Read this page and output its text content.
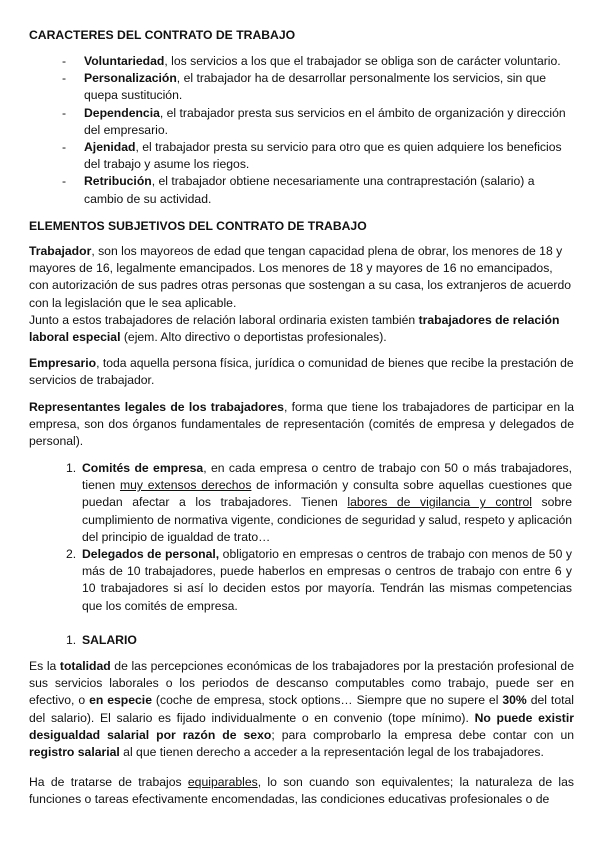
CARACTERES DEL CONTRATO DE TRABAJO
- Voluntariedad, los servicios a los que el trabajador se obliga son de carácter voluntario.
- Personalización, el trabajador ha de desarrollar personalmente los servicios, sin que quepa sustitución.
- Dependencia, el trabajador presta sus servicios en el ámbito de organización y dirección del empresario.
- Ajenidad, el trabajador presta su servicio para otro que es quien adquiere los beneficios del trabajo y asume los riegos.
- Retribución, el trabajador obtiene necesariamente una contraprestación (salario) a cambio de su actividad.
ELEMENTOS SUBJETIVOS DEL CONTRATO DE TRABAJO
Trabajador, son los mayoreos de edad que tengan capacidad plena de obrar, los menores de 18 y mayores de 16, legalmente emancipados. Los menores de 18 y mayores de 16 no emancipados, con autorización de sus padres otras personas que sostengan a su casa, los extranjeros de acuerdo con la legislación que le sea aplicable.
Junto a estos trabajadores de relación laboral ordinaria existen también trabajadores de relación laboral especial (ejem. Alto directivo o deportistas profesionales).
Empresario, toda aquella persona física, jurídica o comunidad de bienes que recibe la prestación de servicios de trabajador.
Representantes legales de los trabajadores, forma que tiene los trabajadores de participar en la empresa, son dos órganos fundamentales de representación (comités de empresa y delegados de personal).
1. Comités de empresa, en cada empresa o centro de trabajo con 50 o más trabajadores, tienen muy extensos derechos de información y consulta sobre aquellas cuestiones que puedan afectar a los trabajadores. Tienen labores de vigilancia y control sobre cumplimiento de normativa vigente, condiciones de seguridad y salud, respeto y aplicación del principio de igualdad de trato…
2. Delegados de personal, obligatorio en empresas o centros de trabajo con menos de 50 y más de 10 trabajadores, puede haberlos en empresas o centros de trabajo con entre 6 y 10 trabajadores si así lo deciden estos por mayoría. Tendrán las mismas competencias que los comités de empresa.
1. SALARIO
Es la totalidad de las percepciones económicas de los trabajadores por la prestación profesional de sus servicios laborales o los periodos de descanso computables como trabajo, puede ser en efectivo, o en especie (coche de empresa, stock options… Siempre que no supere el 30% del total del salario). El salario es fijado individualmente o en convenio (tope mínimo). No puede existir desigualdad salarial por razón de sexo; para comprobarlo la empresa debe contar con un registro salarial al que tienen derecho a acceder a la representación legal de los trabajadores.
Ha de tratarse de trabajos equiparables, lo son cuando son equivalentes; la naturaleza de las funciones o tareas efectivamente encomendadas, las condiciones educativas profesionales o de
